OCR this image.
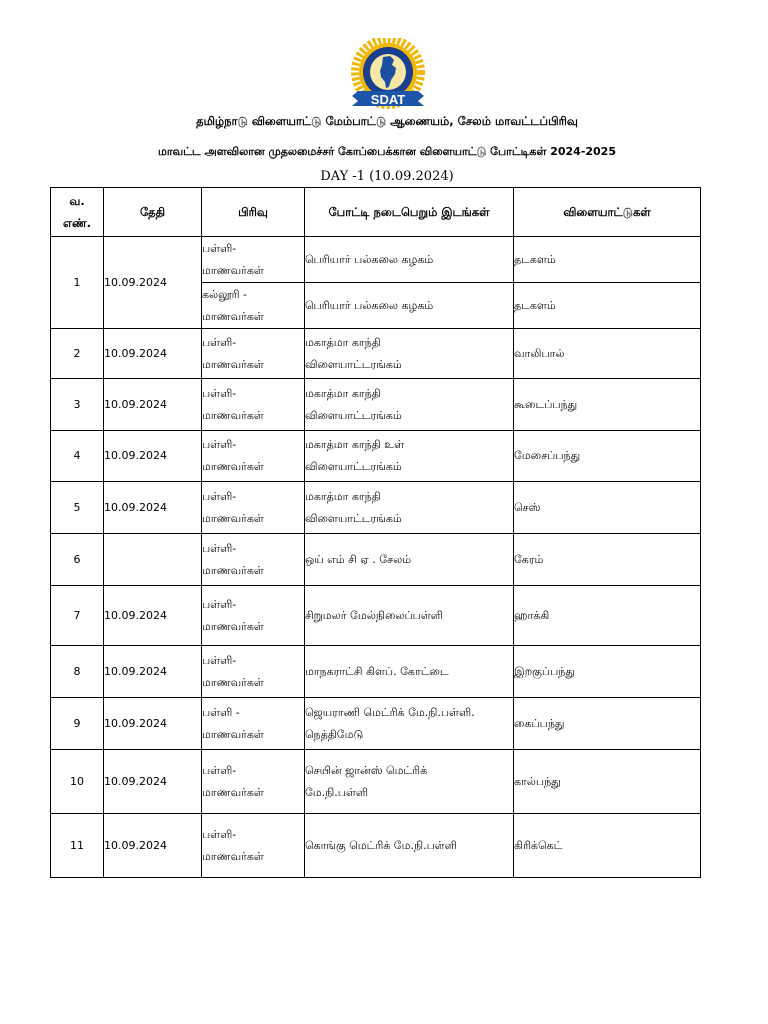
SDAT
தமிழ்நாடு விளையாட்டு மேம்பாட்டு ஆணையம், சேலம் மாவட்டப்பிரிவு
மாவட்ட அளவிலான முதலமைச்சர் கோப்பைக்கான விளையாட்டு போட்டிகள் 2024-2025
DAY -1 (10.09.2024)
வ.
எண்.	தேதி	பிரிவு	போட்டி நடைபெறும் இடங்கள்	விளையாட்டுகள்
1	10.09.2024	பள்ளி-
மாணவர்கள்	பெரியார் பல்கலை கழகம்	தடகளம்
		கல்லூரி -
மாணவர்கள்	பெரியார் பல்கலை கழகம்	தடகளம்
2	10.09.2024	பள்ளி-
மாணவர்கள்	மகாத்மா காந்தி
விளையாட்டரங்கம்	வாலிபால்
3	10.09.2024	பள்ளி-
மாணவர்கள்	மகாத்மா காந்தி
விளையாட்டரங்கம்	கூடைப்பந்து
4	10.09.2024	பள்ளி-
மாணவர்கள்	மகாத்மா காந்தி உள்
விளையாட்டரங்கம்	மேசைப்பந்து
5	10.09.2024	பள்ளி-
மாணவர்கள்	மகாத்மா காந்தி
விளையாட்டரங்கம்	செஸ்
6		பள்ளி-
மாணவர்கள்	ஒய் எம் சி ஏ . சேலம்	கேரம்
7	10.09.2024	பள்ளி-
மாணவர்கள்	சிறுமலர் மேல்நிலைப்பள்ளி	ஹாக்கி
8	10.09.2024	பள்ளி-
மாணவர்கள்	மாநகராட்சி கிளப். கோட்டை	இறகுப்பந்து
9	10.09.2024	பள்ளி -
மாணவர்கள்	ஜெயராணி மெட்ரிக் மே.நி.பள்ளி.
நெத்திமேடு	கைப்பந்து
10	10.09.2024	பள்ளி-
மாணவர்கள்	செயின் ஜான்ஸ் மெட்ரிக்
மே.நி.பள்ளி	கால்பந்து
11	10.09.2024	பள்ளி-
மாணவர்கள்	கொங்கு மெட்ரிக் மே.நி.பள்ளி	கிரிக்கெட்
